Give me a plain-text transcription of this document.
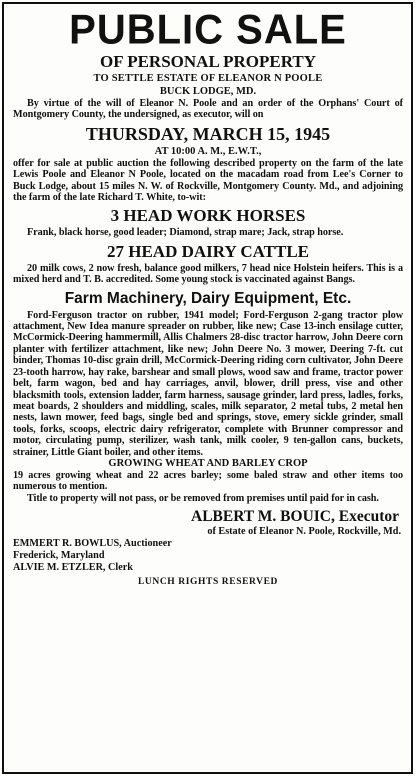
PUBLIC SALE

OF PERSONAL PROPERTY

TO SETTLE ESTATE OF ELEANOR N POOLE

BUCK LODGE, MD.

By virtue of the will of Eleanor N. Poole and an order of the Orphans' Court of Montgomery County, the undersigned, as executor, will on

THURSDAY, MARCH 15, 1945

AT 10:00 A. M., E.W.T.,

offer for sale at public auction the following described property on the farm of the late Lewis Poole and Eleanor N Poole, located on the macadam road from Lee's Corner to Buck Lodge, about 15 miles N. W. of Rockville, Montgomery County. Md., and adjoining the farm of the late Richard T. White, to-wit:

3 HEAD WORK HORSES

Frank, black horse, good leader; Diamond, strap mare; Jack, strap horse.

27 HEAD DAIRY CATTLE

20 milk cows, 2 now fresh, balance good milkers, 7 head nice Holstein heifers. This is a mixed herd and T. B. accredited. Some young stock is vaccinated against Bangs.

Farm Machinery, Dairy Equipment, Etc.

Ford-Ferguson tractor on rubber, 1941 model; Ford-Ferguson 2-gang tractor plow attachment, New Idea manure spreader on rubber, like new; Case 13-inch ensilage cutter, McCormick-Deering hammermill, Allis Chalmers 28-disc tractor harrow, John Deere corn planter with fertilizer attachment, like new; John Deere No. 3 mower, Deering 7-ft. cut binder, Thomas 10-disc grain drill, McCormick-Deering riding corn cultivator, John Deere 23-tooth harrow, hay rake, barshear and small plows, wood saw and frame, tractor power belt, farm wagon, bed and hay carriages, anvil, blower, drill press, vise and other blacksmith tools, extension ladder, farm harness, sausage grinder, lard press, ladles, forks, meat boards, 2 shoulders and middling, scales, milk separator, 2 metal tubs, 2 metal hen nests, lawn mower, feed bags, single bed and springs, stove, emery sickle grinder, small tools, forks, scoops, electric dairy refrigerator, complete with Brunner compressor and motor, circulating pump, sterilizer, wash tank, milk cooler, 9 ten-gallon cans, buckets, strainer, Little Giant boiler, and other items.

GROWING WHEAT AND BARLEY CROP

19 acres growing wheat and 22 acres barley; some baled straw and other items too numerous to mention.

Title to property will not pass, or be removed from premises until paid for in cash.

ALBERT M. BOUIC, Executor

of Estate of Eleanor N. Poole, Rockville, Md.

EMMERT R. BOWLUS, Auctioneer

Frederick, Maryland

ALVIE M. ETZLER, Clerk

LUNCH RIGHTS RESERVED
